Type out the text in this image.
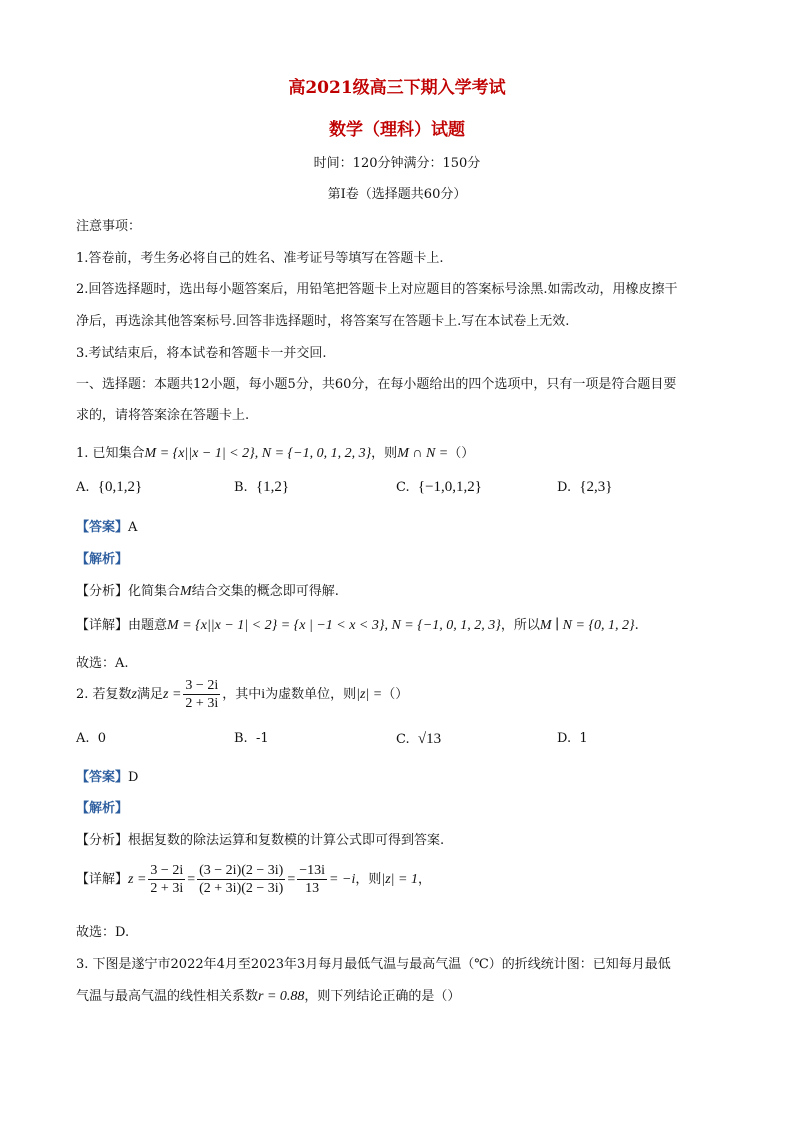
高2021级高三下期入学考试
数学（理科）试题
时间：120分钟满分：150分
第Ⅰ卷（选择题共60分）
注意事项：
1.答卷前，考生务必将自己的姓名、准考证号等填写在答题卡上.
2.回答选择题时，选出每小题答案后，用铅笔把答题卡上对应题目的答案标号涂黑.如需改动，用橡皮擦干
净后，再选涂其他答案标号.回答非选择题时，将答案写在答题卡上.写在本试卷上无效.
3.考试结束后，将本试卷和答题卡一并交回.
一、选择题：本题共12小题，每小题5分，共60分，在每小题给出的四个选项中，只有一项是符合题目要
求的，请将答案涂在答题卡上.
1. 已知集合M = {x||x − 1| < 2}, N = {−1, 0, 1, 2, 3}，则M ∩ N =（）
A. {0,1,2}	B. {1,2}	C. {−1,0,1,2}	D. {2,3}
【答案】A
【解析】
【分析】化简集合M结合交集的概念即可得解.
【详解】由题意M = {x||x − 1| < 2} = {x | −1 < x < 3}, N = {−1, 0, 1, 2, 3}，所以M ∣ N = {0, 1, 2}.
故选：A.
2. 若复数z满足$z = \frac{3 - 2i}{2 + 3i}$ ，其中i为虚数单位，则|z| =（）
A. 0	B. -1	C. √13	D. 1
【答案】D
【解析】
【分析】根据复数的除法运算和复数模的计算公式即可得到答案.
【详解】$z = \frac{3 - 2i}{2 + 3i} = \frac{(3 - 2i)(2 - 3i)}{(2 + 3i)(2 - 3i)} = \frac{-13i}{13} = -i$，则|z| = 1，
故选：D.
3. 下图是遂宁市2022年4月至2023年3月每月最低气温与最高气温（℃）的折线统计图：已知每月最低
气温与最高气温的线性相关系数r = 0.88，则下列结论正确的是（）
